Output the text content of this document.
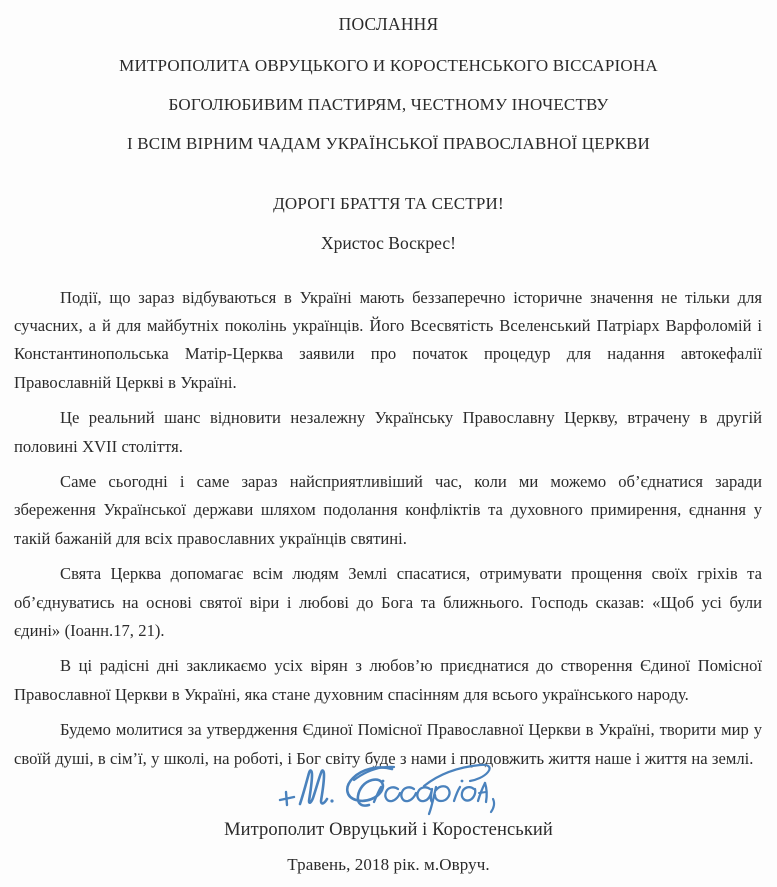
ПОСЛАННЯ
МИТРОПОЛИТА ОВРУЦЬКОГО И КОРОСТЕНСЬКОГО ВІССАРІОНА
БОГОЛЮБИВИМ ПАСТИРЯМ, ЧЕСТНОМУ ІНОЧЕСТВУ
І ВСІМ ВІРНИМ ЧАДАМ УКРАЇНСЬКОЇ ПРАВОСЛАВНОЇ ЦЕРКВИ
ДОРОГІ БРАТТЯ ТА СЕСТРИ!
Христос Воскрес!

Події, що зараз відбуваються в Україні мають беззаперечно історичне значення не тільки для сучасних, а й для майбутніх поколінь українців. Його Всесвятість Вселенський Патріарх Варфоломій і Константинопольська Матір-Церква заявили про початок процедур для надання автокефалії Православній Церкві в Україні.

Це реальний шанс відновити незалежну Українську Православну Церкву, втрачену в другій половині XVII століття.

Саме сьогодні і саме зараз найсприятливіший час, коли ми можемо об’єднатися заради збереження Української держави шляхом подолання конфліктів та духовного примирення, єднання у такій бажаній для всіх православних українців святині.

Свята Церква допомагає всім людям Землі спасатися, отримувати прощення своїх гріхів та об’єднуватись на основі святої віри і любові до Бога та ближнього. Господь сказав: «Щоб усі були єдині» (Іоанн.17, 21).

В ці радісні дні закликаємо усіх вірян з любов’ю приєднатися до створення Єдиної Помісної Православної Церкви в Україні, яка стане духовним спасінням для всього українського народу.

Будемо молитися за утвердження Єдиної Помісної Православної Церкви в Україні, творити мир у своїй душі, в сім’ї, у школі, на роботі, і Бог світу буде з нами і продовжить життя наше і життя на землі.

Митрополит Овруцький і Коростенський
Травень, 2018 рік. м.Овруч.
